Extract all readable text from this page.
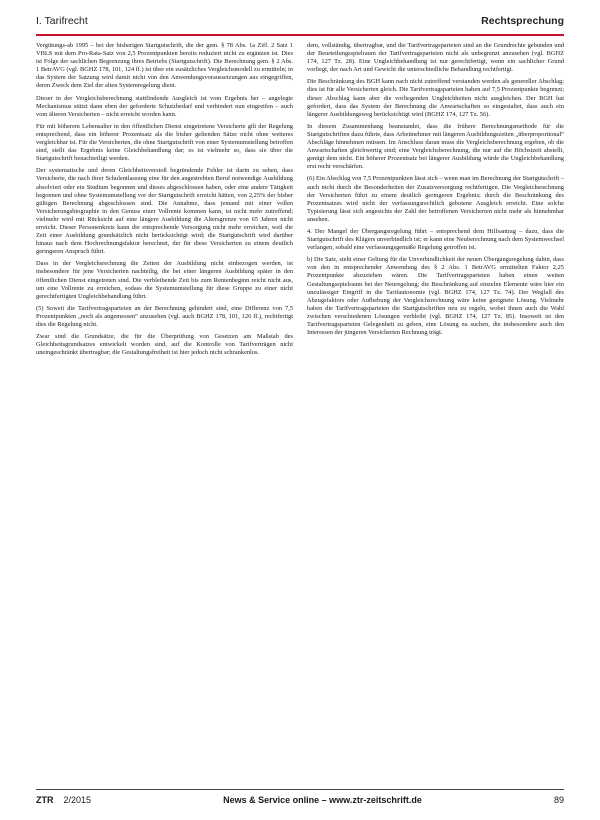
I. Tarifrecht	Rechtsprechung

Vergütungs-ab 1995 – bei der bisherigen Startgutschrift, die der gem. § 78 Abs. 1a Ziff. 2 Satz 1 VBLS mit dem Pro-Rata-Satz von 2,5 Prozentpunkten bereits reduziert nicht zu ergänzen ist. Dies ist Folge der sachlichen Begrenzung ihres Betriebs (Startgutschrift). Die Berechnung gem. § 2 Abs. 1 BetrAVG (vgl. BGHZ 178, 101, 124 ff.) ist über ein zusätzliches Vergleichsmodell zu ermitteln; in das System der Satzung wird damit nicht von den Anwendungsvoraussetzungen aus eingegriffen, deren Zweck dem Ziel der alten Systemregelung dient.

Dieser in der Vergleichsberechnung stattfindende Ausgleich ist vom Ergebnis her – angelegte Mechanismus stützt dann eben der geforderte Schutzbedarf und verhindert nun eingreifen – auch vom älteren Versicherten – nicht erreicht worden kann.

Für mit höherem Lebensalter in den öffentlichen Dienst eingetretene Versicherte gilt der Regelung entsprechend, dass ein höherer Prozentsatz als die bisher geltenden Sätze nicht ohne weiteres vergleichbar ist. Für die Versicherten, die ohne Startgutschrift von einer Systemumstellung betroffen sind, stellt das Ergebnis keine Gleichbehandlung dar; es ist vielmehr so, dass sie über die Startgutschrift benachteiligt werden.

Der systematische und deren Gleichheitsverstoß begründende Fehler ist darin zu sehen, dass Versicherte, die nach ihrer Schulentlassung eine für den angestrebten Beruf notwendige Ausbildung absolviert oder ein Studium begonnen und dieses abgeschlossen haben, oder eine andere Tätigkeit begonnen und ohne Systemumstellung vor der Startgutschrift erreicht hätten, von 2,25% der bisher gültigen Berechnung abgeschlossen sind. Die Annahme, dass jemand mit einer vollen Versicherungsbiographie in den Genuss einer Vollrente kommen kann, ist nicht mehr zutreffend; vielmehr wird mit Rücksicht auf eine längere Ausbildung die Altersgrenze von 65 Jahren nicht erreicht. Dieser Personenkreis kann die entsprechende Versorgung nicht mehr erreichen, weil die Zeit einer Ausbildung grundsätzlich nicht berücksichtigt wird; die Startgutschrift wird darüber hinaus nach dem Hochrechnungsfaktor berechnet, der für diese Versicherten zu einem deutlich geringeren Anspruch führt.

Dass in der Vergleichsrechnung die Zeiten der Ausbildung nicht einbezogen werden, ist insbesondere für jene Versicherten nachteilig, die bei einer längeren Ausbildung später in den öffentlichen Dienst eingetreten sind. Die verbleibende Zeit bis zum Rentenbeginn reicht nicht aus, um eine Vollrente zu erreichen, sodass die Systemumstellung für diese Gruppe zu einer nicht gerechtfertigten Ungleichbehandlung führt.

(5) Soweit die Tarifvertragsparteien an der Berechnung gehindert sind, eine Differenz von 7,5 Prozentpunkten „noch als angemessen“ anzusehen (vgl. auch BGHZ 178, 101, 126 ff.), rechtfertigt dies die Regelung nicht.

Zwar sind die Grundsätze, die für die Überprüfung von Gesetzen am Maßstab des Gleichheitsgrundsatzes entwickelt worden sind, auf die Kontrolle von Tarifverträgen nicht uneingeschränkt übertragbar; die Gestaltungsfreiheit ist hier jedoch nicht schrankenlos.

dem, vollständig, übertragbar, und die Tarifvertragsparteien sind an die Grundrechte gebunden und der Beurteilungsspielraum der Tarifvertragsparteien nicht als unbegrenzt anzusehen (vgl. BGHZ 174, 127 Tz. 28). Eine Ungleichbehandlung ist nur gerechtfertigt, wenn ein sachlicher Grund vorliegt, der nach Art und Gewicht die unterschiedliche Behandlung rechtfertigt.

Die Beschränkung des BGH kann nach nicht zutreffend verstanden werden als genereller Abschlag; dies ist für alle Versicherten gleich. Die Tarifvertragsparteien haben auf 7,5 Prozentpunkte begrenzt; dieser Abschlag kann aber die vorliegenden Ungleichheiten nicht ausgleichen. Der BGH hat gefordert, dass das System der Berechnung die Anwartschaften so eingestaltet, dass auch ein längerer Ausbildungsweg berücksichtigt wird (BGHZ 174, 127 Tz. 56).

In diesem Zusammenhang beanstandet, dass die frühere Berechnungsmethode für die Startgutschriften dazu führte, dass Arbeitnehmer mit längeren Ausbildungszeiten „überproportional“ Abschläge hinnehmen müssen. Im Anschluss daran muss die Vergleichsberechnung ergeben, ob die Anwartschaften gleichwertig sind; eine Vergleichsberechnung, die nur auf die Höchstzeit abstellt, genügt dem nicht. Ein höherer Prozentsatz bei längerer Ausbildung würde die Ungleichbehandlung erst recht verschärfen.

(6) Ein Abschlag von 7,5 Prozentpunkten lässt sich – wenn man im Berechnung der Startgutschrift – auch nicht durch die Besonderheiten der Zusatzversorgung rechtfertigen. Die Vergleichsrechnung der Versicherten führt zu einem deutlich geringeren Ergebnis; durch die Beschränkung des Prozentsatzes wird nicht der verfassungsrechtlich gebotene Ausgleich erreicht. Eine solche Typisierung lässt sich angesichts der Zahl der betroffenen Versicherten nicht mehr als hinnehmbar ansehen.

4. Der Mangel der Übergangsregelung führt – entsprechend dem Hilfsantrag – dazu, dass die Startgutschrift des Klägers unverbindlich ist; er kann eine Neuberechnung nach dem Systemwechsel verlangen, sobald eine verfassungsgemäße Regelung getroffen ist.

b) Die Satz, steht einer Geltung für die Unverbindlichkeit der neuen Übergangsregelung dahin, dass von den in entsprechender Anwendung des § 2 Abs. 1 BetrAVG ermittelten Faktor 2,25 Prozentpunkte abzuziehen wären. Die Tarifvertragsparteien haben einen weiten Gestaltungsspielraum bei der Neuregelung; die Beschränkung auf einzelne Elemente wäre hier ein unzulässiger Eingriff in die Tarifautonomie (vgl. BGHZ 174, 127 Tz. 74). Der Wegfall des Abzugsfaktors oder Aufhebung der Vergleichsrechnung wäre keine geeignete Lösung. Vielmehr haben die Tarifvertragsparteien die Startgutschriften neu zu regeln, wobei ihnen auch die Wahl zwischen verschiedenen Lösungen verbleibt (vgl. BGHZ 174, 127 Tz. 85). Insoweit ist den Tarifvertragsparteien Gelegenheit zu geben, eine Lösung zu suchen, die insbesondere auch den Interessen der jüngeren Versicherten Rechnung trägt.

ZTR 2/2015	News & Service online – www.ztr-zeitschrift.de	89
